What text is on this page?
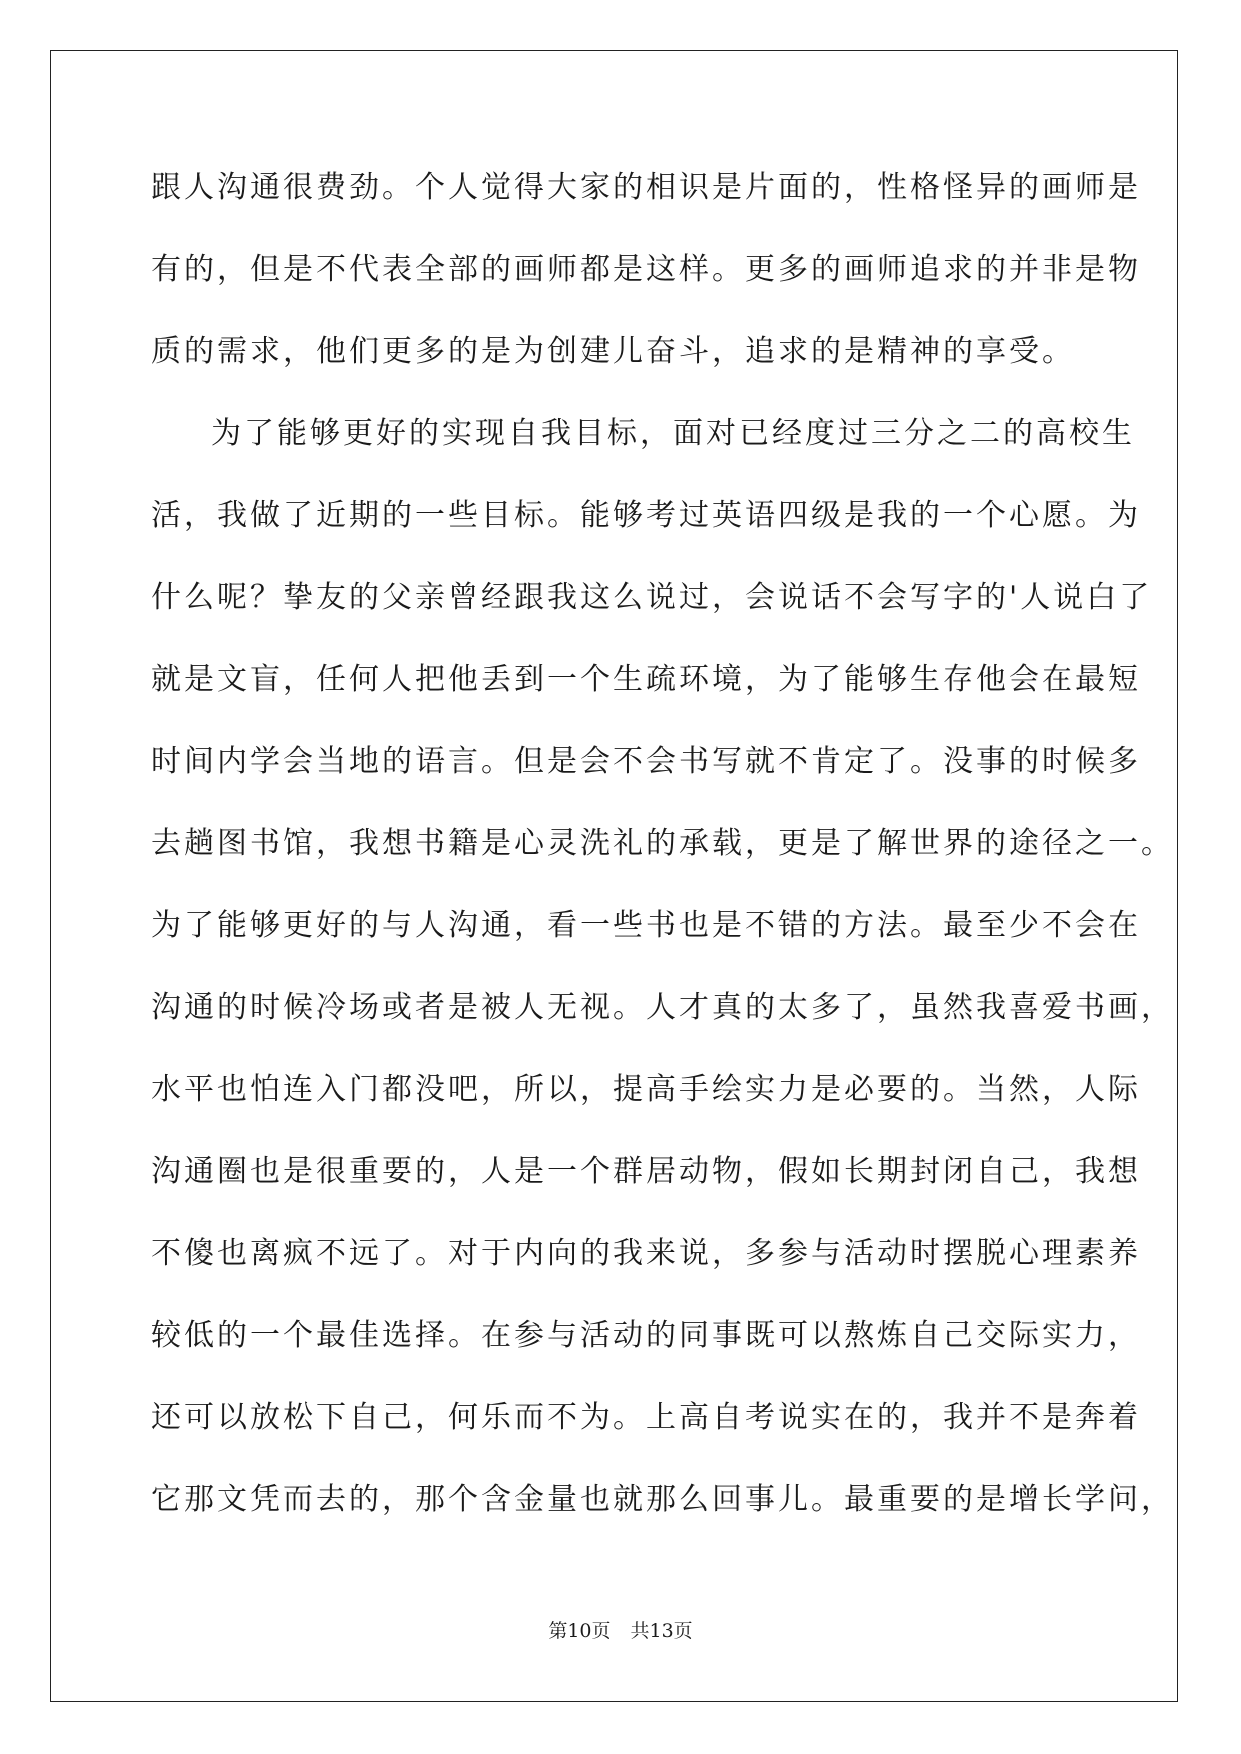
跟人沟通很费劲。个人觉得大家的相识是片面的，性格怪异的画师是
有的，但是不代表全部的画师都是这样。更多的画师追求的并非是物
质的需求，他们更多的是为创建儿奋斗，追求的是精神的享受。
为了能够更好的实现自我目标，面对已经度过三分之二的高校生
活，我做了近期的一些目标。能够考过英语四级是我的一个心愿。为
什么呢？挚友的父亲曾经跟我这么说过，会说话不会写字的'人说白了
就是文盲，任何人把他丢到一个生疏环境，为了能够生存他会在最短
时间内学会当地的语言。但是会不会书写就不肯定了。没事的时候多
去趟图书馆，我想书籍是心灵洗礼的承载，更是了解世界的途径之一。
为了能够更好的与人沟通，看一些书也是不错的方法。最至少不会在
沟通的时候冷场或者是被人无视。人才真的太多了，虽然我喜爱书画，
水平也怕连入门都没吧，所以，提高手绘实力是必要的。当然，人际
沟通圈也是很重要的，人是一个群居动物，假如长期封闭自己，我想
不傻也离疯不远了。对于内向的我来说，多参与活动时摆脱心理素养
较低的一个最佳选择。在参与活动的同事既可以熬炼自己交际实力，
还可以放松下自己，何乐而不为。上高自考说实在的，我并不是奔着
它那文凭而去的，那个含金量也就那么回事儿。最重要的是增长学问，
第10页 共13页
